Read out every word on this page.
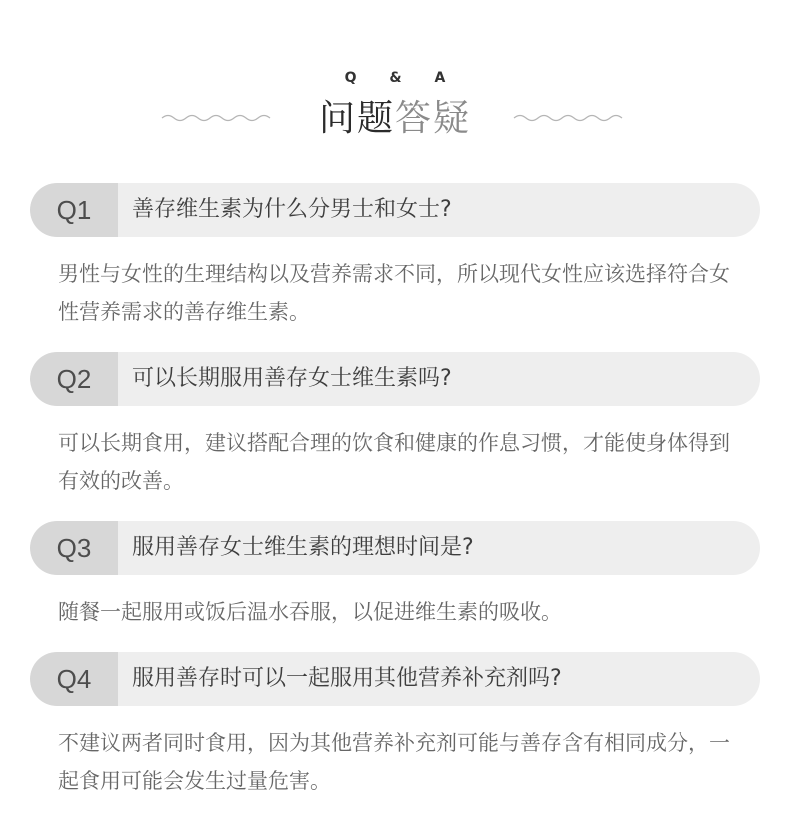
Q & A
问题答疑
Q1	善存维生素为什么分男士和女士?
男性与女性的生理结构以及营养需求不同，所以现代女性应该选择符合女性营养需求的善存维生素。
Q2	可以长期服用善存女士维生素吗?
可以长期食用，建议搭配合理的饮食和健康的作息习惯，才能使身体得到有效的改善。
Q3	服用善存女士维生素的理想时间是?
随餐一起服用或饭后温水吞服，以促进维生素的吸收。
Q4	服用善存时可以一起服用其他营养补充剂吗?
不建议两者同时食用，因为其他营养补充剂可能与善存含有相同成分，一起食用可能会发生过量危害。
